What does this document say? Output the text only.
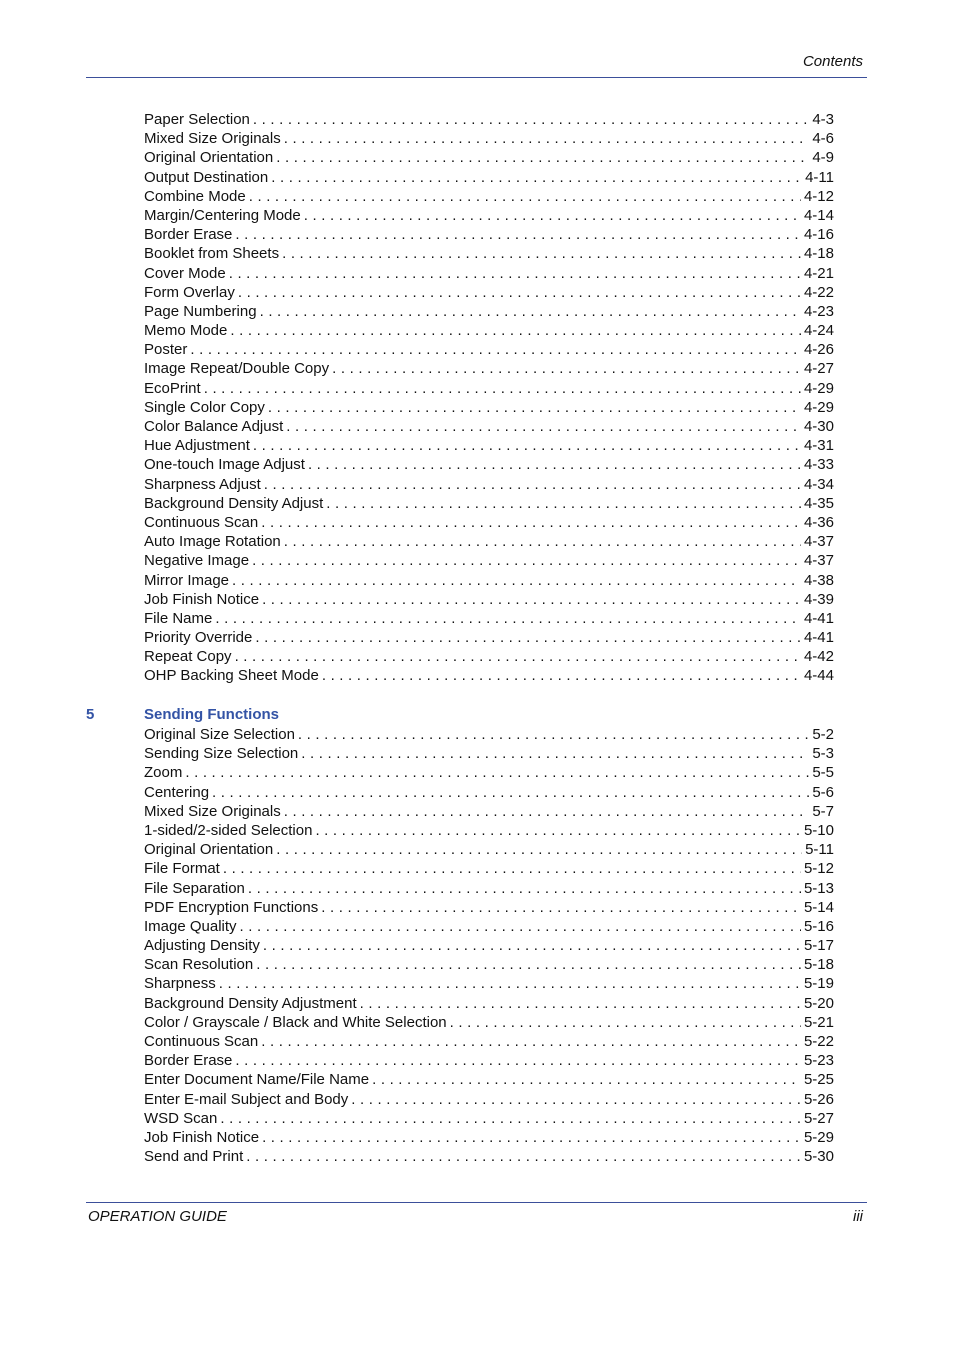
Contents
Paper Selection . . .	4-3
Mixed Size Originals . . .	4-6
Original Orientation . . .	4-9
Output Destination . . .	4-11
Combine Mode . . .	4-12
Margin/Centering Mode . . .	4-14
Border Erase . . .	4-16
Booklet from Sheets . . .	4-18
Cover Mode . . .	4-21
Form Overlay . . .	4-22
Page Numbering . . .	4-23
Memo Mode . . .	4-24
Poster . . .	4-26
Image Repeat/Double Copy . . .	4-27
EcoPrint . . .	4-29
Single Color Copy . . .	4-29
Color Balance Adjust . . .	4-30
Hue Adjustment . . .	4-31
One-touch Image Adjust . . .	4-33
Sharpness Adjust . . .	4-34
Background Density Adjust . . .	4-35
Continuous Scan . . .	4-36
Auto Image Rotation . . .	4-37
Negative Image . . .	4-37
Mirror Image . . .	4-38
Job Finish Notice . . .	4-39
File Name . . .	4-41
Priority Override . . .	4-41
Repeat Copy . . .	4-42
OHP Backing Sheet Mode . . .	4-44
5	Sending Functions
Original Size Selection . . .	5-2
Sending Size Selection . . .	5-3
Zoom . . .	5-5
Centering . . .	5-6
Mixed Size Originals . . .	5-7
1-sided/2-sided Selection . . .	5-10
Original Orientation . . .	5-11
File Format . . .	5-12
File Separation . . .	5-13
PDF Encryption Functions . . .	5-14
Image Quality . . .	5-16
Adjusting Density . . .	5-17
Scan Resolution . . .	5-18
Sharpness . . .	5-19
Background Density Adjustment . . .	5-20
Color / Grayscale / Black and White Selection . . .	5-21
Continuous Scan . . .	5-22
Border Erase . . .	5-23
Enter Document Name/File Name . . .	5-25
Enter E-mail Subject and Body . . .	5-26
WSD Scan . . .	5-27
Job Finish Notice . . .	5-29
Send and Print . . .	5-30
OPERATION GUIDE	iii
